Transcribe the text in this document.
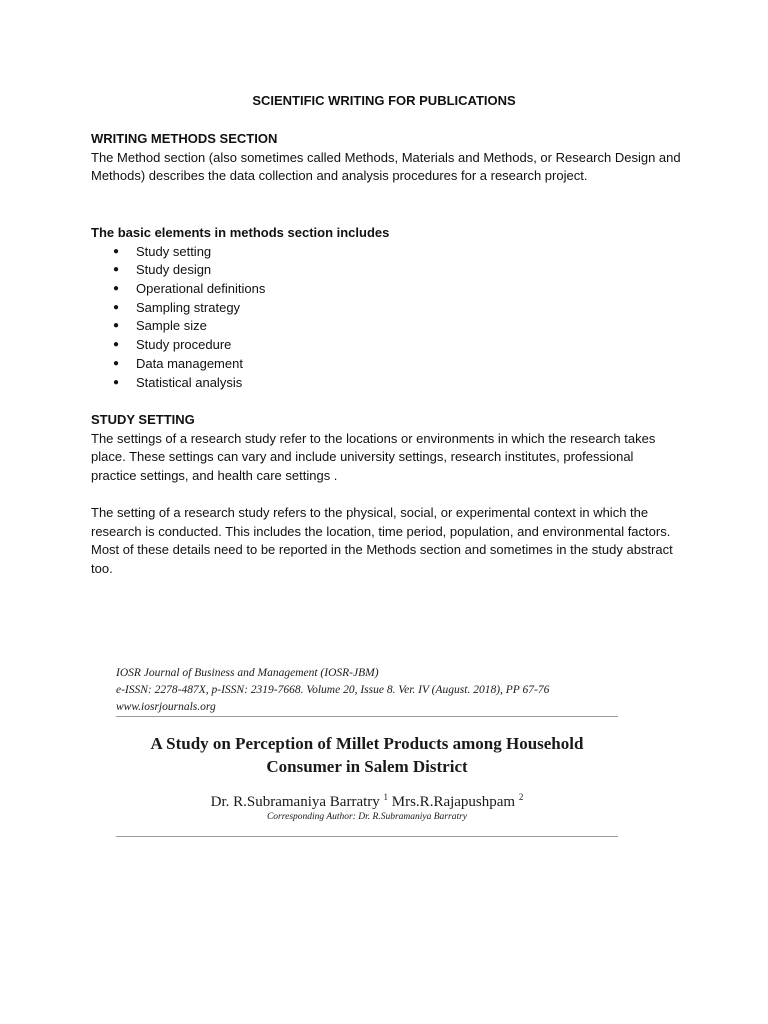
SCIENTIFIC WRITING FOR PUBLICATIONS

WRITING METHODS SECTION

The Method section (also sometimes called Methods, Materials and Methods, or Research Design and Methods) describes the data collection and analysis procedures for a research project.

The basic elements in methods section includes

● Study setting
● Study design
● Operational definitions
● Sampling strategy
● Sample size
● Study procedure
● Data management
● Statistical analysis

STUDY SETTING

The settings of a research study refer to the locations or environments in which the research takes place. These settings can vary and include university settings, research institutes, professional practice settings, and health care settings .

The setting of a research study refers to the physical, social, or experimental context in which the research is conducted. This includes the location, time period, population, and environmental factors. Most of these details need to be reported in the Methods section and sometimes in the study abstract too.

IOSR Journal of Business and Management (IOSR-JBM)
e-ISSN: 2278-487X, p-ISSN: 2319-7668. Volume 20, Issue 8. Ver. IV (August. 2018), PP 67-76
www.iosrjournals.org
A Study on Perception of Millet Products among Household
Consumer in Salem District
Dr. R.Subramaniya Barratry $^1$ Mrs.R.Rajapushpam $^2$
Corresponding Author: Dr. R.Subramaniya Barratry
